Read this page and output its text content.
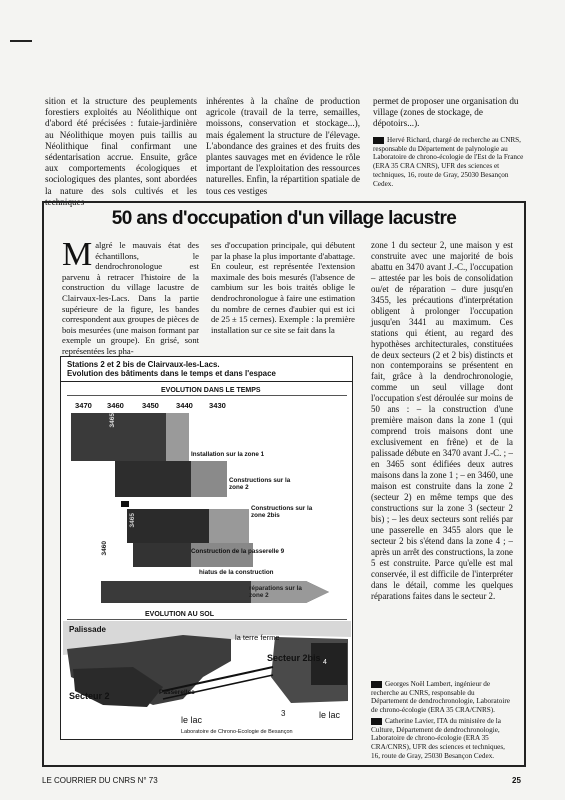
sition et la structure des peuplements forestiers exploités au Néolithique ont d'abord été précisées : futaie-jardinière au Néolithique moyen puis taillis au Néolithique final confirmant une sédentarisation accrue. Ensuite, grâce aux comportements écologiques et sociologiques des plantes, sont abordées la nature des sols cultivés et les techniques
inhérentes à la chaîne de production agricole (travail de la terre, semailles, moissons, conservation et stockage...), mais également la structure de l'élevage. L'abondance des graines et des fruits des plantes sauvages met en évidence le rôle important de l'exploitation des ressources naturelles. Enfin, la répartition spatiale de tous ces vestiges
permet de proposer une organisation du village (zones de stockage, de dépotoirs...).
Hervé Richard, chargé de recherche au CNRS, responsable du Département de palynologie au Laboratoire de chrono-écologie de l'Est de la France (ERA 35 CRA CNRS), UFR des sciences et techniques, 16, route de Gray, 25030 Besançon Cedex.
50 ans d'occupation d'un village lacustre
M algré le mauvais état des échantillons, le dendrochronologue est parvenu à retracer l'histoire de la construction du village lacustre de Clairvaux-les-Lacs. Dans la partie supérieure de la figure, les bandes correspondent aux groupes de pièces de bois mesurées (une maison formant par exemple un groupe). En grisé, sont représentées les pha-
ses d'occupation principale, qui débutent par la phase la plus importante d'abattage. En couleur, est représentée l'extension maximale des bois mesurés (l'absence de cambium sur les bois traités oblige le dendrochronologue à faire une estimation du nombre de cernes d'aubier qui est ici de 25 ± 15 cernes). Exemple : la première installation sur ce site se fait dans la
zone 1 du secteur 2, une maison y est construite avec une majorité de bois abattu en 3470 avant J.-C., l'occupation – attestée par les bois de consolidation ou/et de réparation – dure jusqu'en 3455, les précautions d'interprétation obligent à prolonger l'occupation jusqu'en 3441 au maximum. Ces stations qui étient, au regard des hypothèses architecturales, constituées de deux secteurs (2 et 2 bis) distincts et non contemporains se présentent en fait, grâce à la dendrochronologie, comme un seul village dont l'occupation s'est déroulée sur moins de 50 ans : – la construction d'une première maison dans la zone 1 (qui comprend trois maisons dont une exclusivement en frêne) et de la palissade débute en 3470 avant J.-C. ; – en 3465 sont édifiées deux autres maisons dans la zone 1 ; – en 3460, une maison est construite dans la zone 2 (secteur 2) en même temps que des constructions sur la zone 3 (secteur 2 bis) ; – les deux secteurs sont reliés par une passerelle en 3455 alors que le secteur 2 bis s'étend dans la zone 4 ; – après un arrêt des constructions, la zone 5 est construite. Parce qu'elle est mal conservée, il est difficile de l'interpréter dans le détail, comme les quelques réparations faites dans le secteur 2.
Georges Noël Lambert, ingénieur de recherche au CNRS, responsable du Département de dendrochronologie, Laboratoire de chrono-écologie (ERA 35 CRA/CNRS).
Catherine Lavier, ITA du ministère de la Culture, Département de dendrochronologie, Laboratoire de chrono-écologie (ERA 35 CRA/CNRS), UFR des sciences et techniques, 16, route de Gray, 25030 Besançon Cedex.
Stations 2 et 2 bis de Clairvaux-les-Lacs.
Evolution des bâtiments dans le temps et dans l'espace
EVOLUTION DANS LE TEMPS
3470 3460 3450 3440 3430
Installation sur la zone 1
3465
Constructions sur la zone 2
Constructions sur la zone 2bis
3465
Construction de la passerelle 9
3460
hiatus de la construction
réparations sur la zone 2
EVOLUTION AU SOL
Palissade
la terre ferme
Secteur 2bis
Secteur 2	Passerelles
4
3
le lac	le lac
Laboratoire de Chrono-Ecologie de Besançon
LE COURRIER DU CNRS N° 73	25
